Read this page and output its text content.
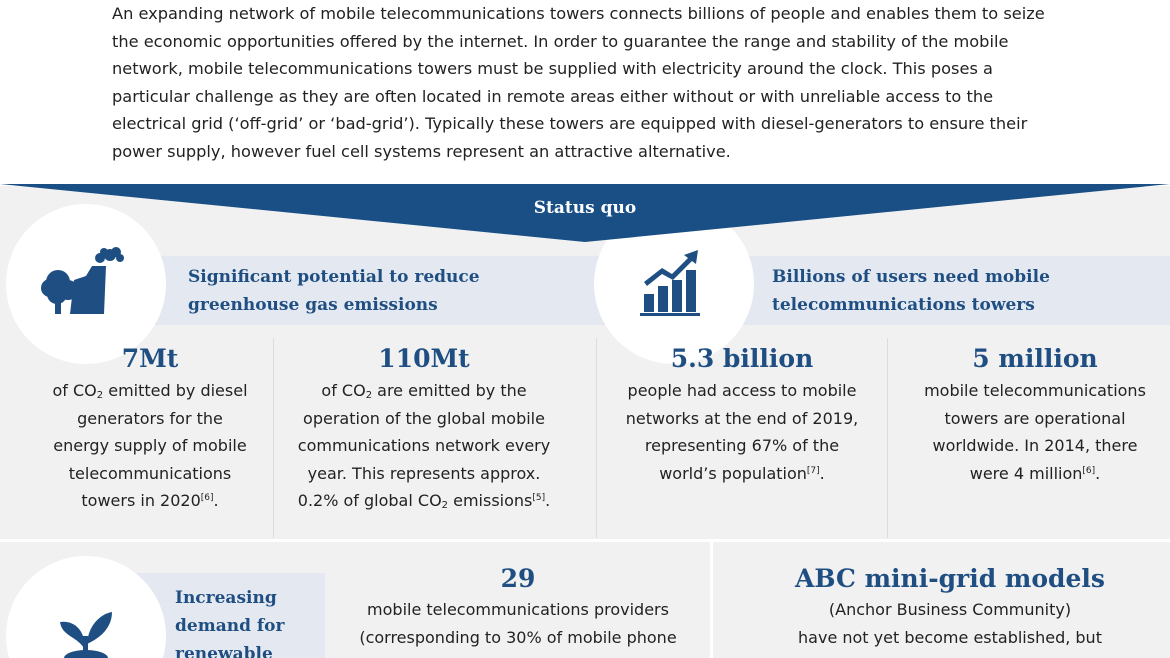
An expanding network of mobile telecommunications towers connects billions of people and enables them to seize

the economic opportunities offered by the internet. In order to guarantee the range and stability of the mobile

network, mobile telecommunications towers must be supplied with electricity around the clock. This poses a

particular challenge as they are often located in remote areas either without or with unreliable access to the

electrical grid (‘off-grid’ or ‘bad-grid’). Typically these towers are equipped with diesel-generators to ensure their

power supply, however fuel cell systems represent an attractive alternative.

Status quo
Significant potential to reduce
greenhouse gas emissions
Billions of users need mobile
telecommunications towers
Increasing
demand for
renewable
7Mt
of $CO_2$ emitted by diesel
generators for the
energy supply of mobile
telecommunications
towers in 2020[6].
110Mt
of $CO_2$ are emitted by the
operation of the global mobile
communications network every
year. This represents approx.
0.2% of global $CO_2$ emissions[5].
5.3 billion
people had access to mobile
networks at the end of 2019,
representing 67% of the
world’s population[7].
5 million
mobile telecommunications
towers are operational
worldwide. In 2014, there
were 4 million[6].
29
mobile telecommunications providers
(corresponding to 30% of mobile phone
ABC mini-grid models
(Anchor Business Community)
have not yet become established, but
